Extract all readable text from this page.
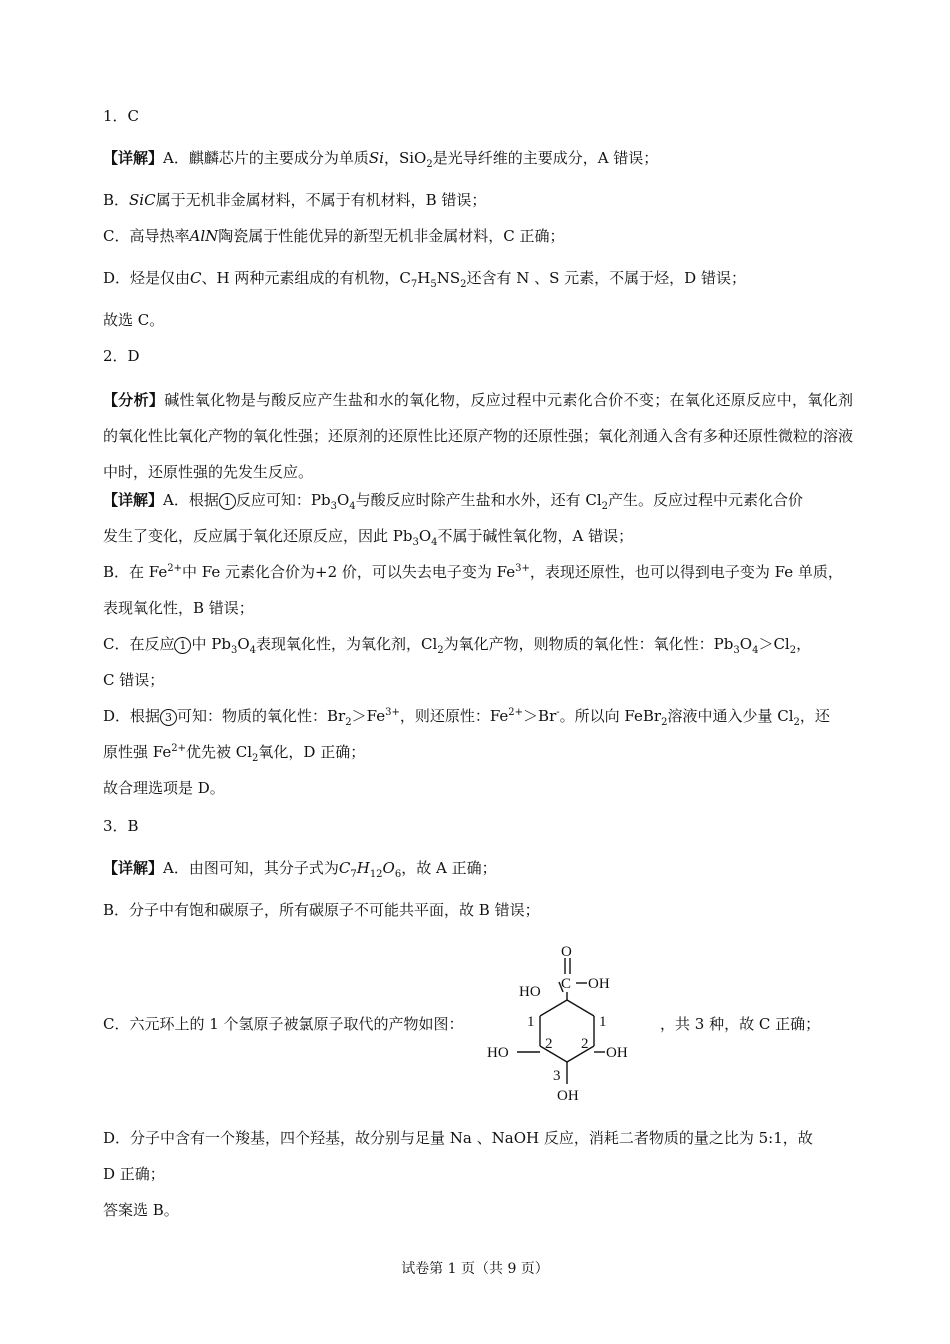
1．C
【详解】A．麒麟芯片的主要成分为单质Si，SiO$_2$是光导纤维的主要成分，A 错误；
B．SiC属于无机非金属材料，不属于有机材料，B 错误；
C．高导热率AlN陶瓷属于性能优异的新型无机非金属材料，C 正确；
D．烃是仅由C、H 两种元素组成的有机物，$C_7H_5NS_2$还含有 N 、S 元素，不属于烃，D 错误；
故选 C。
2．D
【分析】碱性氧化物是与酸反应产生盐和水的氧化物，反应过程中元素化合价不变；在氧化还原反应中，氧化剂的氧化性比氧化产物的氧化性强；还原剂的还原性比还原产物的还原性强；氧化剂通入含有多种还原性微粒的溶液中时，还原性强的先发生反应。
【详解】A．根据 1 反应可知：$Pb_3O_4$与酸反应时除产生盐和水外，还有 $Cl_2$产生。反应过程中元素化合价
发生了变化，反应属于氧化还原反应，因此 $Pb_3O_4$不属于碱性氧化物，A 错误；
B．在 $Fe^{2+}$中 Fe 元素化合价为+2 价，可以失去电子变为 $Fe^{3+}$，表现还原性，也可以得到电子变为 Fe 单质，
表现氧化性，B 错误；
C．在反应 1 中 $Pb_3O_4$表现氧化性，为氧化剂，$Cl_2$为氧化产物，则物质的氧化性：氧化性：$Pb_3O_4>Cl_2$，
C 错误；
D．根据 3 可知：物质的氧化性：$Br_2>Fe^{3+}$，则还原性：$Fe^{2+}>Br^-$。所以向 FeBr$_2$溶液中通入少量 $Cl_2$，还
原性强 $Fe^{2+}$优先被 $Cl_2$氧化，D 正确；
故合理选项是 D。
3．B
【详解】A．由图可知，其分子式为$C_7H_{12}O_6$，故 A 正确；
B．分子中有饱和碳原子，所有碳原子不可能共平面，故 B 错误；
C．六元环上的 1 个氢原子被氯原子取代的产物如图：
O
C OH
HO
1	1
2 2
3
HO	OH
OH
，共 3 种，故 C 正确；
D．分子中含有一个羧基，四个羟基，故分别与足量 Na 、NaOH 反应，消耗二者物质的量之比为 5:1，故
D 正确；
答案选 B。
试卷第 1 页（共 9 页）
